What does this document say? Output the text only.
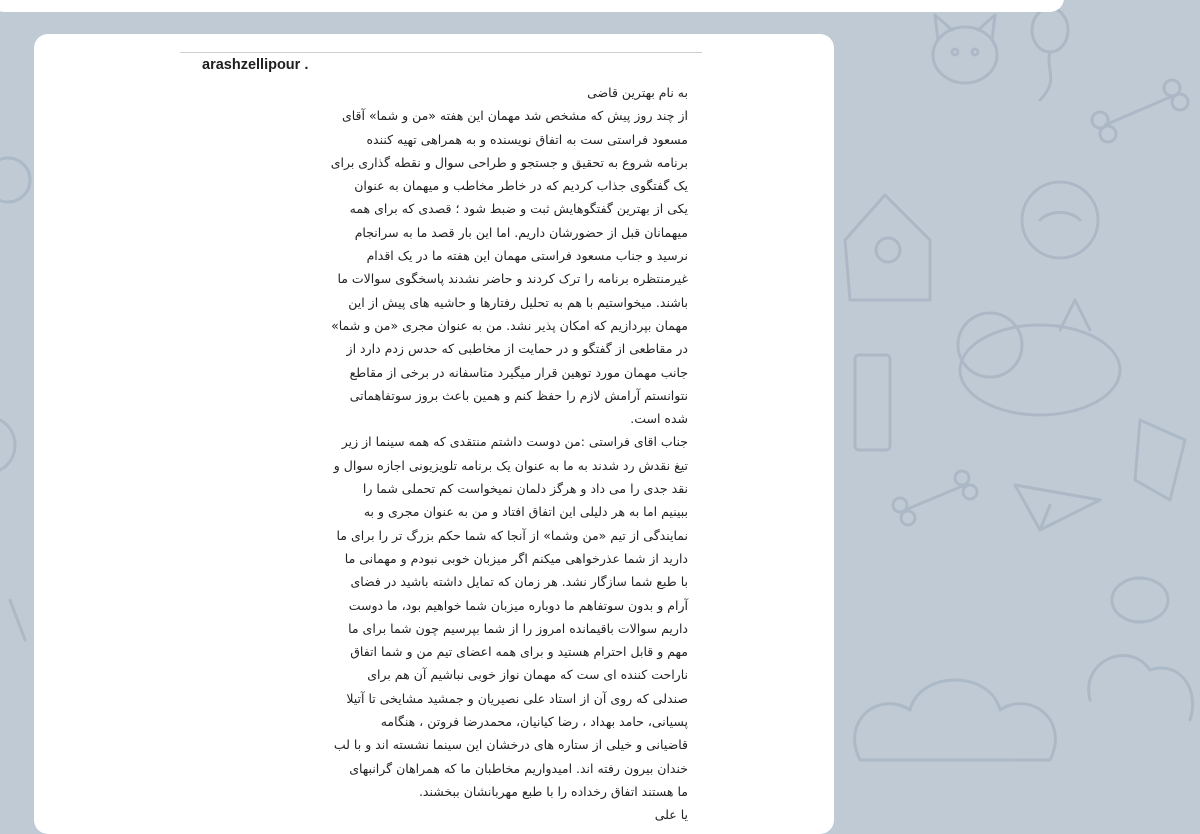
arashzellipour .
به نام بهترین قاضی
از چند روز پیش که مشخص شد مهمان این هفته «من و شما» آقای
مسعود فراستی ست به اتفاق نویسنده و به همراهی تهیه کننده
برنامه شروع به تحقیق و جستجو و طراحی سوال و نقطه گذاری برای
یک گفتگوی جذاب کردیم که در خاطر مخاطب و میهمان به عنوان
یکی از بهترین گفتگوهایش ثبت و ضبط شود ؛ قصدی که برای همه
میهمانان قبل از حضورشان داریم. اما این بار قصد ما به سرانجام
نرسید و جناب مسعود فراستی مهمان این هفته ما در یک اقدام
غیرمنتظره برنامه را ترک کردند و حاضر نشدند پاسخگوی سوالات ما
باشند. میخواستیم با هم به تحلیل رفتارها و حاشیه های پیش از این
مهمان بپردازیم که امکان پذیر نشد. من به عنوان مجری «من و شما»
در مقاطعی از گفتگو و در حمایت از مخاطبی که حدس زدم دارد از
جانب مهمان مورد توهین قرار میگیرد متاسفانه در برخی از مقاطع
نتوانستم آرامش لازم را حفظ کنم و همین باعث بروز سوتفاهماتی
شده است.
جناب اقای فراستی :من دوست داشتم منتقدی که همه سینما از زیر
تیغ نقدش رد شدند به ما به عنوان یک برنامه تلویزیونی اجازه سوال و
نقد جدی را می داد و هرگز دلمان نمیخواست کم تحملی شما را
ببینیم اما به هر دلیلی این اتفاق افتاد و من به عنوان مجری و به
نمایندگی از تیم «من وشما» از آنجا که شما حکم بزرگ تر را برای ما
دارید از شما عذرخواهی میکنم اگر میزبان خوبی نبودم و مهمانی ما
با طبع شما سازگار نشد. هر زمان که تمایل داشته باشید در فضای
آرام و بدون سوتفاهم ما دوباره میزبان شما خواهیم بود، ما دوست
داریم سوالات باقیمانده امروز را از شما بپرسیم چون شما برای ما
مهم و قابل احترام هستید و برای همه اعضای تیم من و شما اتفاق
ناراحت کننده ای ست که مهمان نواز خوبی نباشیم آن هم برای
صندلی که روی آن از استاد علی نصیریان و جمشید مشایخی تا آتیلا
پسیانی، حامد بهداد ، رضا کیانیان، محمدرضا فروتن ، هنگامه
قاضیانی و خیلی از ستاره های درخشان این سینما نشسته اند و با لب
خندان بیرون رفته اند. امیدواریم مخاطبان ما که همراهان گرانبهای
ما هستند اتفاق رخداده را با طبع مهربانشان ببخشند.
یا علی
